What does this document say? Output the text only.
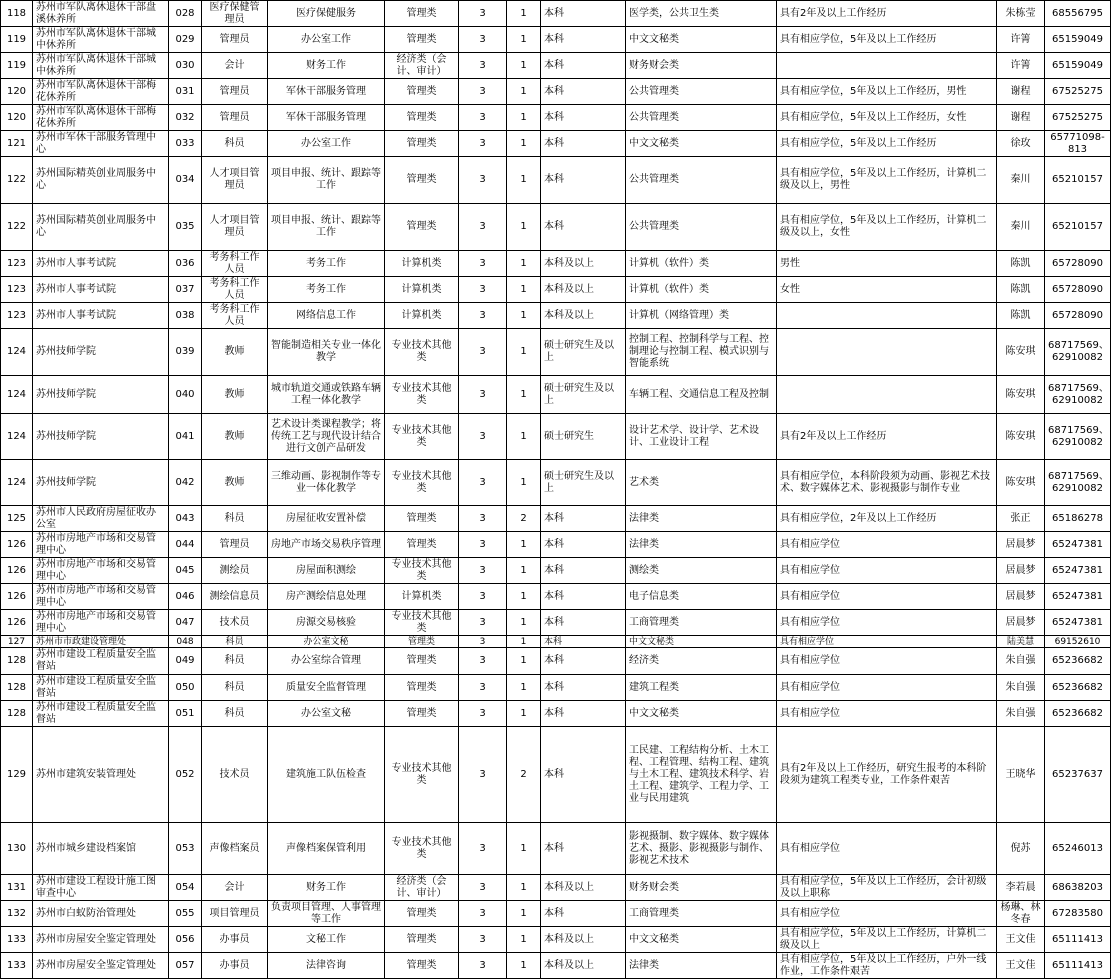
118	苏州市军队离休退休干部盘溪休养所	028	医疗保健管理员	医疗保健服务	管理类	3	1	本科	医学类，公共卫生类	具有2年及以上工作经历	朱栋莹	68556795
119	苏州市军队离休退休干部城中休养所	029	管理员	办公室工作	管理类	3	1	本科	中文文秘类	具有相应学位，5年及以上工作经历	许箐	65159049
119	苏州市军队离休退休干部城中休养所	030	会计	财务工作	经济类（会计、审计）	3	1	本科	财务财会类		许箐	65159049
120	苏州市军队离休退休干部梅花休养所	031	管理员	军休干部服务管理	管理类	3	1	本科	公共管理类	具有相应学位，5年及以上工作经历，男性	谢程	67525275
120	苏州市军队离休退休干部梅花休养所	032	管理员	军休干部服务管理	管理类	3	1	本科	公共管理类	具有相应学位，5年及以上工作经历，女性	谢程	67525275
121	苏州市军休干部服务管理中心	033	科员	办公室工作	管理类	3	1	本科	中文文秘类	具有相应学位，5年及以上工作经历	徐玫	65771098-813
122	苏州国际精英创业周服务中心	034	人才项目管理员	项目申报、统计、跟踪等工作	管理类	3	1	本科	公共管理类	具有相应学位，5年及以上工作经历，计算机二级及以上，男性	秦川	65210157
122	苏州国际精英创业周服务中心	035	人才项目管理员	项目申报、统计、跟踪等工作	管理类	3	1	本科	公共管理类	具有相应学位，5年及以上工作经历，计算机二级及以上，女性	秦川	65210157
123	苏州市人事考试院	036	考务科工作人员	考务工作	计算机类	3	1	本科及以上	计算机（软件）类	男性	陈凯	65728090
123	苏州市人事考试院	037	考务科工作人员	考务工作	计算机类	3	1	本科及以上	计算机（软件）类	女性	陈凯	65728090
123	苏州市人事考试院	038	考务科工作人员	网络信息工作	计算机类	3	1	本科及以上	计算机（网络管理）类		陈凯	65728090
124	苏州技师学院	039	教师	智能制造相关专业一体化教学	专业技术其他类	3	1	硕士研究生及以上	控制工程、控制科学与工程、控制理论与控制工程、模式识别与智能系统		陈安琪	68717569、62910082
124	苏州技师学院	040	教师	城市轨道交通或铁路车辆工程一体化教学	专业技术其他类	3	1	硕士研究生及以上	车辆工程、交通信息工程及控制		陈安琪	68717569、62910082
124	苏州技师学院	041	教师	艺术设计类课程教学；将传统工艺与现代设计结合进行文创产品研发	专业技术其他类	3	1	硕士研究生	设计艺术学、设计学、艺术设计、工业设计工程	具有2年及以上工作经历	陈安琪	68717569、62910082
124	苏州技师学院	042	教师	三维动画、影视制作等专业一体化教学	专业技术其他类	3	1	硕士研究生及以上	艺术类	具有相应学位，本科阶段须为动画、影视艺术技术、数字媒体艺术、影视摄影与制作专业	陈安琪	68717569、62910082
125	苏州市人民政府房屋征收办公室	043	科员	房屋征收安置补偿	管理类	3	2	本科	法律类	具有相应学位，2年及以上工作经历	张正	65186278
126	苏州市房地产市场和交易管理中心	044	管理员	房地产市场交易秩序管理	管理类	3	1	本科	法律类	具有相应学位	居晨梦	65247381
126	苏州市房地产市场和交易管理中心	045	测绘员	房屋面积测绘	专业技术其他类	3	1	本科	测绘类	具有相应学位	居晨梦	65247381
126	苏州市房地产市场和交易管理中心	046	测绘信息员	房产测绘信息处理	计算机类	3	1	本科	电子信息类	具有相应学位	居晨梦	65247381
126	苏州市房地产市场和交易管理中心	047	技术员	房源交易核验	专业技术其他类	3	1	本科	工商管理类	具有相应学位	居晨梦	65247381
127	苏州市市政建设管理处	048	科员	办公室文秘	管理类	3	1	本科	中文文秘类	具有相应学位	陆美慧	69152610
128	苏州市建设工程质量安全监督站	049	科员	办公室综合管理	管理类	3	1	本科	经济类	具有相应学位	朱自强	65236682
128	苏州市建设工程质量安全监督站	050	科员	质量安全监督管理	管理类	3	1	本科	建筑工程类	具有相应学位	朱自强	65236682
128	苏州市建设工程质量安全监督站	051	科员	办公室文秘	管理类	3	1	本科	中文文秘类	具有相应学位	朱自强	65236682
129	苏州市建筑安装管理处	052	技术员	建筑施工队伍检查	专业技术其他类	3	2	本科	工民建、工程结构分析、土木工程、工程管理、结构工程、建筑与土木工程、建筑技术科学、岩土工程、建筑学、工程力学、工业与民用建筑	具有2年及以上工作经历，研究生报考的本科阶段须为建筑工程类专业，工作条件艰苦	王晓华	65237637
130	苏州市城乡建设档案馆	053	声像档案员	声像档案保管利用	专业技术其他类	3	1	本科	影视摄制、数字媒体、数字媒体艺术、摄影、影视摄影与制作、影视艺术技术	具有相应学位	倪苏	65246013
131	苏州市建设工程设计施工图审查中心	054	会计	财务工作	经济类（会计、审计）	3	1	本科及以上	财务财会类	具有相应学位，5年及以上工作经历，会计初级及以上职称	李若晨	68638203
132	苏州市白蚁防治管理处	055	项目管理员	负责项目管理、人事管理等工作	管理类	3	1	本科	工商管理类	具有相应学位	杨琳、林冬春	67283580
133	苏州市房屋安全鉴定管理处	056	办事员	文秘工作	管理类	3	1	本科及以上	中文文秘类	具有相应学位，5年及以上工作经历，计算机二级及以上	王文佳	65111413
133	苏州市房屋安全鉴定管理处	057	办事员	法律咨询	管理类	3	1	本科及以上	法律类	具有相应学位，5年及以上工作经历，户外一线作业，工作条件艰苦	王文佳	65111413
